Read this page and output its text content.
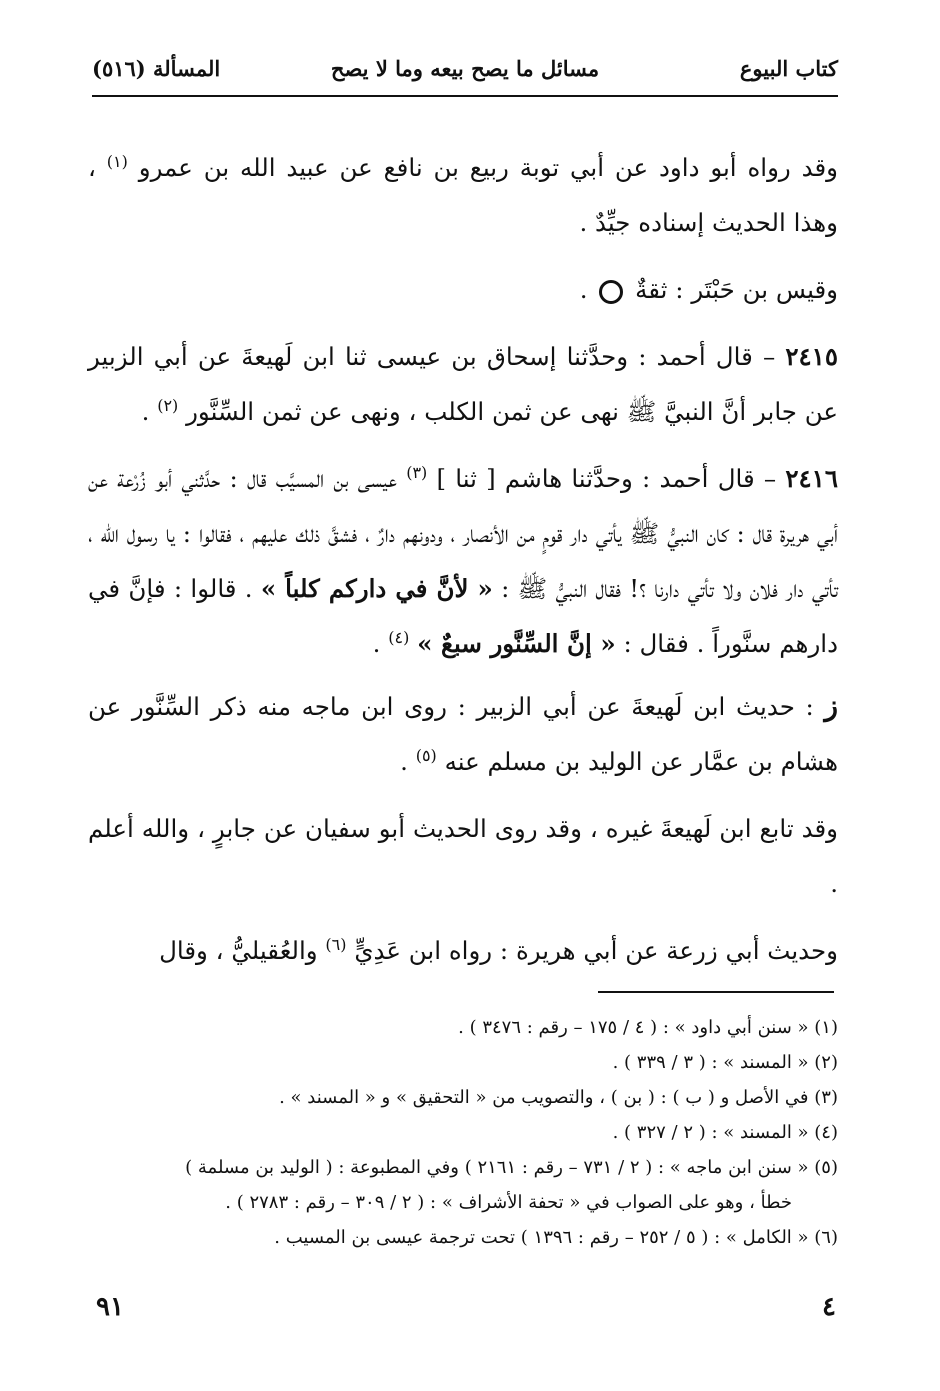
كتاب البيوع
مسائل ما يصح بيعه وما لا يصح
المسألة (٥١٦)

وقد رواه أبو داود عن أبي توبة ربيع بن نافع عن عبيد الله بن عمرو $^{(١)}$ ، وهذا الحديث إسناده جيِّدٌ .

وقيس بن حَبْتَر : ثقةٌ  .

٢٤١٥ – قال أحمد : وحدَّثنا إسحاق بن عيسى ثنا ابن لَهيعةَ عن أبي الزبير عن جابر أنَّ النبيَّ ﷺ نهى عن ثمن الكلب ، ونهى عن ثمن السِّنَّور $^{(٢)}$ .

٢٤١٦ – قال أحمد : وحدَّثنا هاشم [ ثنا ] $^{(٣)}$ عيسى بن المسيَّب قال : حدَّثني أبو زُرْعة عن أبي هريرة قال : كان النبيُّ ﷺ يأتي دار قومٍ من الأنصار ، ودونهم دارٌ ، فشقَّ ذلك عليهم ، فقالوا : يا رسول الله ، تأتي دار فلان ولا تأتي دارنا ؟! فقال النبيُّ ﷺ : « لأنَّ في داركم كلباً » . قالوا : فإنَّ في دارهم سنَّوراً . فقال : « إنَّ السِّنَّور سبعٌ » $^{(٤)}$ .

ز : حديث ابن لَهيعةَ عن أبي الزبير : روى ابن ماجه منه ذكر السِّنَّور عن هشام بن عمَّار عن الوليد بن مسلم عنه $^{(٥)}$ .

وقد تابع ابن لَهيعةَ غيره ، وقد روى الحديث أبو سفيان عن جابرٍ ، والله أعلم .

وحديث أبي زرعة عن أبي هريرة : رواه ابن عَدِيٍّ $^{(٦)}$ والعُقيليُّ ، وقال

(١) « سنن أبي داود » : ( ٤ / ١٧٥ – رقم : ٣٤٧٦ ) .
(٢) « المسند » : ( ٣ / ٣٣٩ ) .
(٣) في الأصل و ( ب ) : ( بن ) ، والتصويب من « التحقيق » و « المسند » .
(٤) « المسند » : ( ٢ / ٣٢٧ ) .
(٥) « سنن ابن ماجه » : ( ٢ / ٧٣١ – رقم : ٢١٦١ ) وفي المطبوعة : ( الوليد بن مسلمة )
خطأ ، وهو على الصواب في « تحفة الأشراف » : ( ٢ / ٣٠٩ – رقم : ٢٧٨٣ ) .
(٦) « الكامل » : ( ٥ / ٢٥٢ – رقم : ١٣٩٦ ) تحت ترجمة عيسى بن المسيب .
٩١	٤
